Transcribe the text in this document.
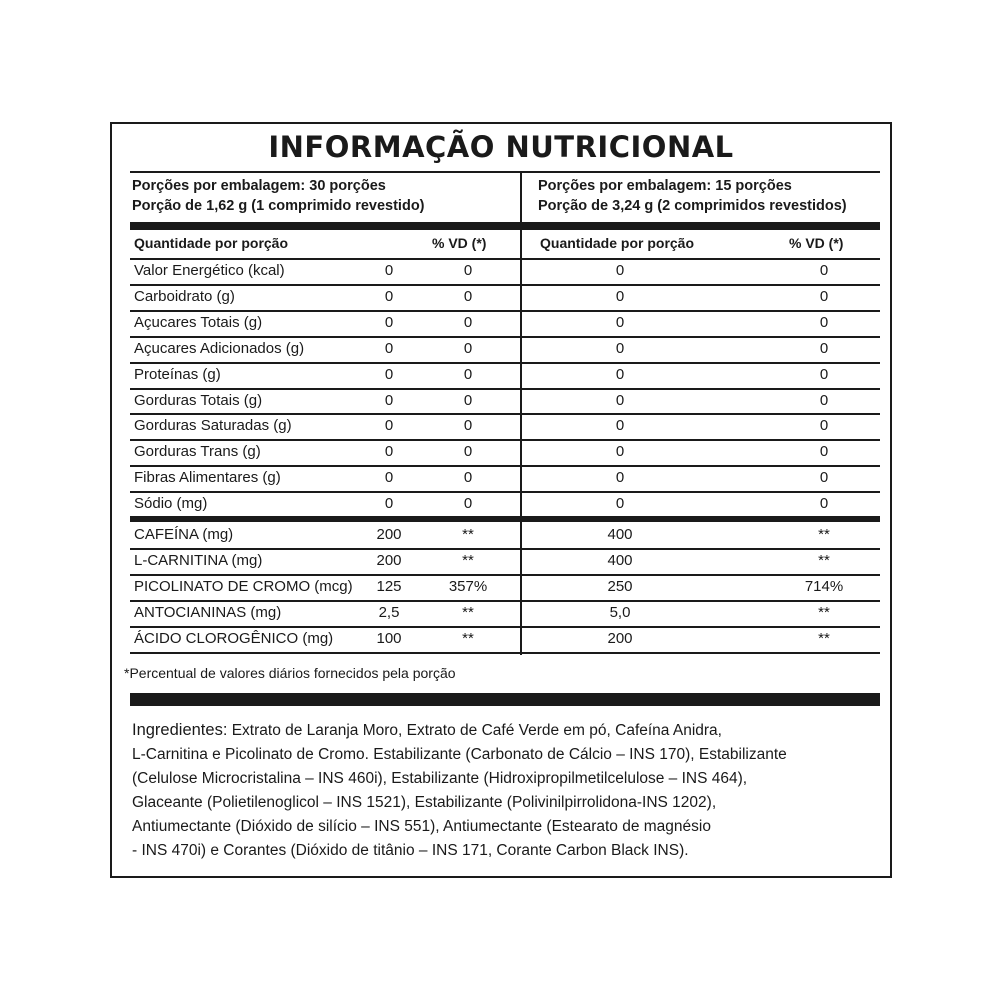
INFORMAÇÃO NUTRICIONAL
Porções por embalagem: 30 porções
Porção de 1,62 g (1 comprimido revestido)
Porções por embalagem: 15 porções
Porção de 3,24 g (2 comprimidos revestidos)
Quantidade por porção	% VD (*)	Quantidade por porção	% VD (*)
Valor Energético (kcal)	0	0	0	0
Carboidrato (g)	0	0	0	0
Açucares Totais (g)	0	0	0	0
Açucares Adicionados (g)	0	0	0	0
Proteínas (g)	0	0	0	0
Gorduras Totais (g)	0	0	0	0
Gorduras Saturadas (g)	0	0	0	0
Gorduras Trans (g)	0	0	0	0
Fibras Alimentares (g)	0	0	0	0
Sódio (mg)	0	0	0	0
CAFEÍNA (mg)	200	**	400	**
L-CARNITINA (mg)	200	**	400	**
PICOLINATO DE CROMO (mcg)	125	357%	250	714%
ANTOCIANINAS (mg)	2,5	**	5,0	**
ÁCIDO CLOROGÊNICO (mg)	100	**	200	**
*Percentual de valores diários fornecidos pela porção
Ingredientes: Extrato de Laranja Moro, Extrato de Café Verde em pó, Cafeína Anidra,
L-Carnitina e Picolinato de Cromo. Estabilizante (Carbonato de Cálcio – INS 170), Estabilizante
(Celulose Microcristalina – INS 460i), Estabilizante (Hidroxipropilmetilcelulose – INS 464),
Glaceante (Polietilenoglicol – INS 1521), Estabilizante (Polivinilpirrolidona-INS 1202),
Antiumectante (Dióxido de silício – INS 551), Antiumectante (Estearato de magnésio
- INS 470i) e Corantes (Dióxido de titânio – INS 171, Corante Carbon Black INS).
